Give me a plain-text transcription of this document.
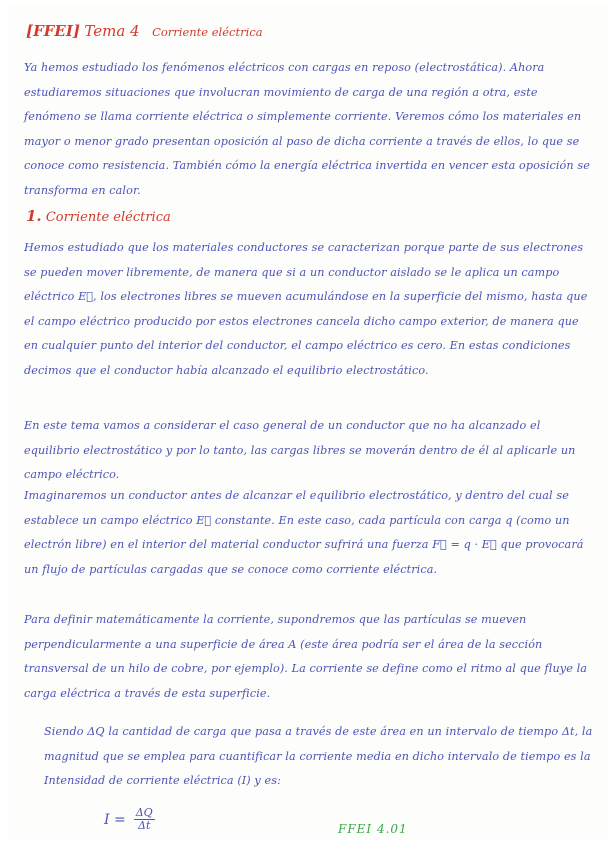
[FFEI] Tema 4 Corriente eléctrica

Ya hemos estudiado los fenómenos eléctricos con cargas en reposo (electrostática). Ahora estudiaremos situaciones que involucran movimiento de carga de una región a otra, este fenómeno se llama corriente eléctrica o simplemente corriente. Veremos cómo los materiales en mayor o menor grado presentan oposición al paso de dicha corriente a través de ellos, lo que se conoce como resistencia. También cómo la energía eléctrica invertida en vencer esta oposición se transforma en calor.

1. Corriente eléctrica

Hemos estudiado que los materiales conductores se caracterizan porque parte de sus electrones se pueden mover libremente, de manera que si a un conductor aislado se le aplica un campo eléctrico E⃗, los electrones libres se mueven acumulándose en la superficie del mismo, hasta que el campo eléctrico producido por estos electrones cancela dicho campo exterior, de manera que en cualquier punto del interior del conductor, el campo eléctrico es cero. En estas condiciones decimos que el conductor había alcanzado el equilibrio electrostático.

En este tema vamos a considerar el caso general de un conductor que no ha alcanzado el equilibrio electrostático y por lo tanto, las cargas libres se moverán dentro de él al aplicarle un campo eléctrico.

Imaginaremos un conductor antes de alcanzar el equilibrio electrostático, y dentro del cual se establece un campo eléctrico E⃗ constante. En este caso, cada partícula con carga q (como un electrón libre) en el interior del material conductor sufrirá una fuerza F⃗ = q · E⃗ que provocará un flujo de partículas cargadas que se conoce como corriente eléctrica.

Para definir matemáticamente la corriente, supondremos que las partículas se mueven perpendicularmente a una superficie de área A (este área podría ser el área de la sección transversal de un hilo de cobre, por ejemplo). La corriente se define como el ritmo al que fluye la carga eléctrica a través de esta superficie.

Siendo ΔQ la cantidad de carga que pasa a través de este área en un intervalo de tiempo Δt, la magnitud que se emplea para cuantificar la corriente media en dicho intervalo de tiempo es la Intensidad de corriente eléctrica (I) y es:

$I = \frac{\Delta Q}{\Delta t}$	FFEI 4.01
